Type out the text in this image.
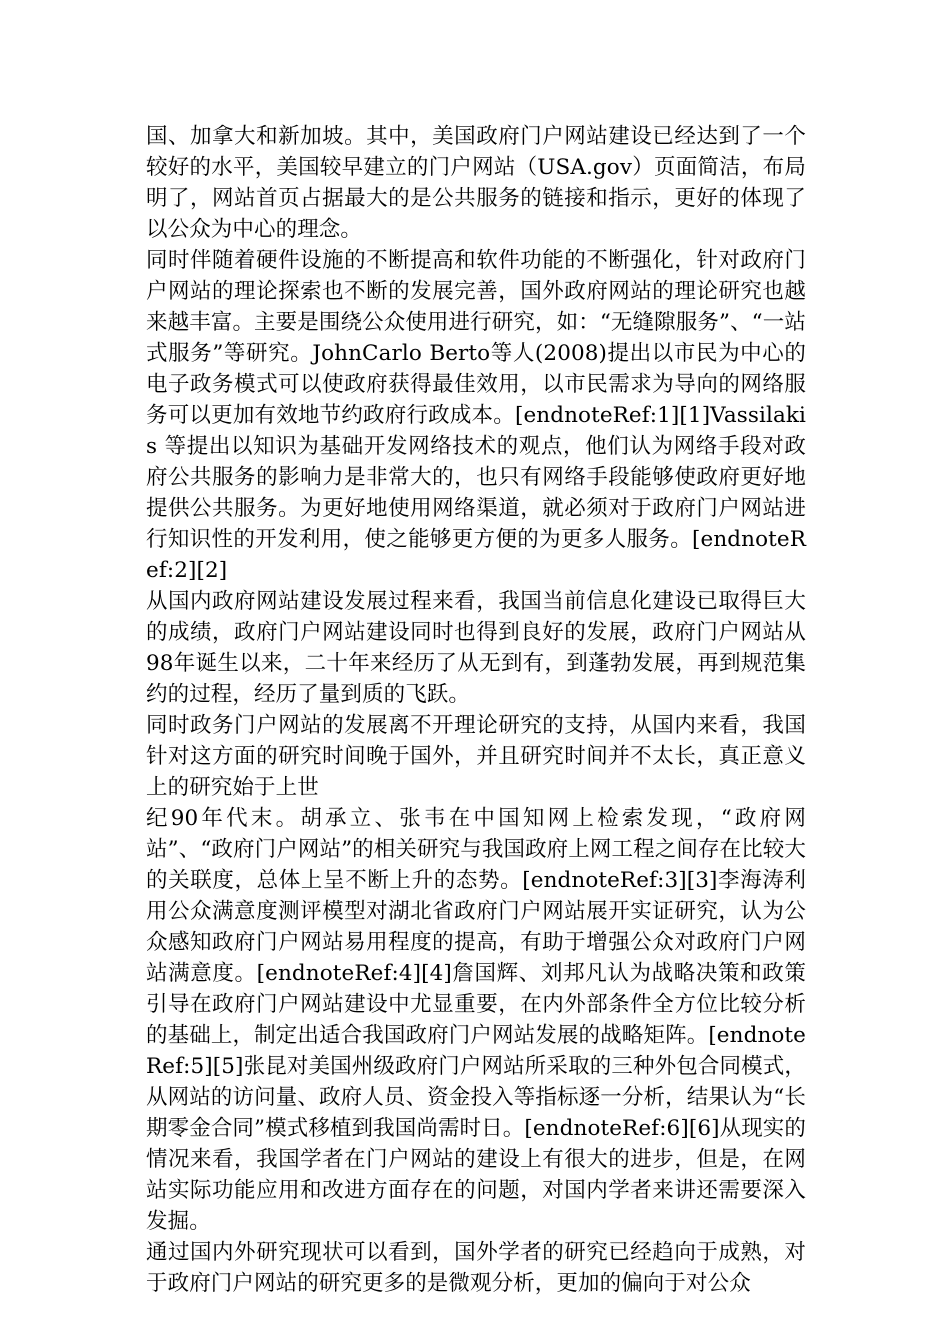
国、加拿大和新加坡。其中，美国政府门户网站建设已经达到了一个较好的水平，美国较早建立的门户网站（USA.gov）页面简洁，布局明了，网站首页占据最大的是公共服务的链接和指示，更好的体现了以公众为中心的理念。

同时伴随着硬件设施的不断提高和软件功能的不断强化，针对政府门户网站的理论探索也不断的发展完善，国外政府网站的理论研究也越来越丰富。主要是围绕公众使用进行研究，如：“无缝隙服务”、“一站式服务”等研究。JohnCarlo Berto等人(2008)提出以市民为中心的电子政务模式可以使政府获得最佳效用，以市民需求为导向的网络服务可以更加有效地节约政府行政成本。[endnoteRef:1][1]Vassilakis 等提出以知识为基础开发网络技术的观点，他们认为网络手段对政府公共服务的影响力是非常大的，也只有网络手段能够使政府更好地提供公共服务。为更好地使用网络渠道，就必须对于政府门户网站进行知识性的开发利用，使之能够更方便的为更多人服务。[endnoteRef:2][2]

从国内政府网站建设发展过程来看，我国当前信息化建设已取得巨大的成绩，政府门户网站建设同时也得到良好的发展，政府门户网站从98年诞生以来，二十年来经历了从无到有，到蓬勃发展，再到规范集约的过程，经历了量到质的飞跃。

同时政务门户网站的发展离不开理论研究的支持，从国内来看，我国针对这方面的研究时间晚于国外，并且研究时间并不太长，真正意义上的研究始于上世

纪90年代末。胡承立、张韦在中国知网上检索发现，“政府网站”、“政府门户网站”的相关研究与我国政府上网工程之间存在比较大的关联度，总体上呈不断上升的态势。[endnoteRef:3][3]李海涛利用公众满意度测评模型对湖北省政府门户网站展开实证研究，认为公众感知政府门户网站易用程度的提高，有助于增强公众对政府门户网站满意度。[endnoteRef:4][4]詹国辉、刘邦凡认为战略决策和政策引导在政府门户网站建设中尤显重要，在内外部条件全方位比较分析的基础上，制定出适合我国政府门户网站发展的战略矩阵。[endnoteRef:5][5]张昆对美国州级政府门户网站所采取的三种外包合同模式，从网站的访问量、政府人员、资金投入等指标逐一分析，结果认为“长期零金合同”模式移植到我国尚需时日。[endnoteRef:6][6]从现实的情况来看，我国学者在门户网站的建设上有很大的进步，但是，在网站实际功能应用和改进方面存在的问题，对国内学者来讲还需要深入发掘。

通过国内外研究现状可以看到，国外学者的研究已经趋向于成熟，对于政府门户网站的研究更多的是微观分析，更加的偏向于对公众
